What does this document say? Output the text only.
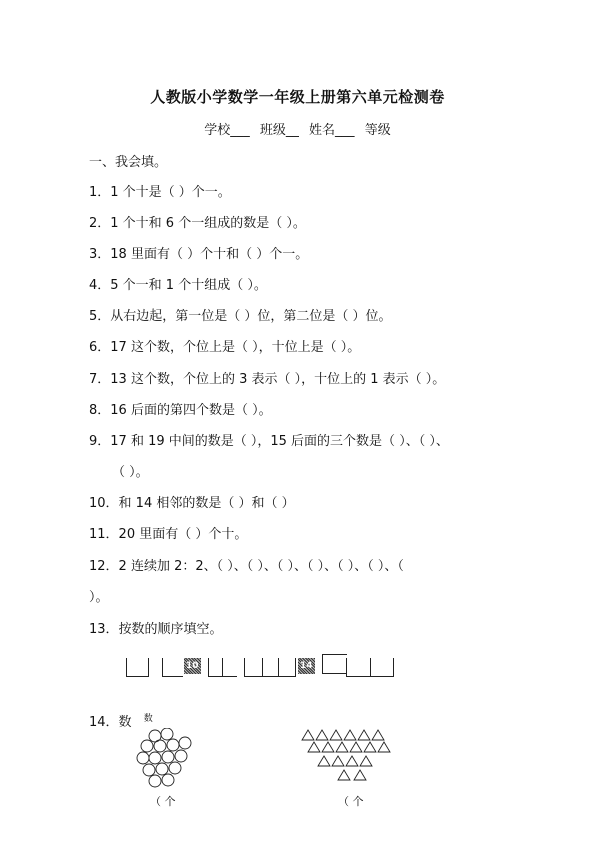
人教版小学数学一年级上册第六单元检测卷
学校___ 班级__ 姓名___ 等级
一、我会填。
1．1 个十是（ ）个一。
2．1 个十和 6 个一组成的数是（ ）。
3．18 里面有（ ）个十和（ ）个一。
4．5 个一和 1 个十组成（ ）。
5．从右边起，第一位是（ ）位，第二位是（ ）位。
6．17 这个数，个位上是（ ），十位上是（ ）。
7．13 这个数，个位上的 3 表示（ ），十位上的 1 表示（ ）。
8．16 后面的第四个数是（ ）。
9．17 和 19 中间的数是（ ），15 后面的三个数是（ ）、（ ）、
（ ）。
10．和 14 相邻的数是（ ）和（ ）
11．20 里面有（ ）个十。
12．2 连续加 2：2、（ ）、（ ）、（ ）、（ ）、（ ）、（ ）、（
）。
13．按数的顺序填空。
10	14
14．数 $^数$
（ 个	（ 个
